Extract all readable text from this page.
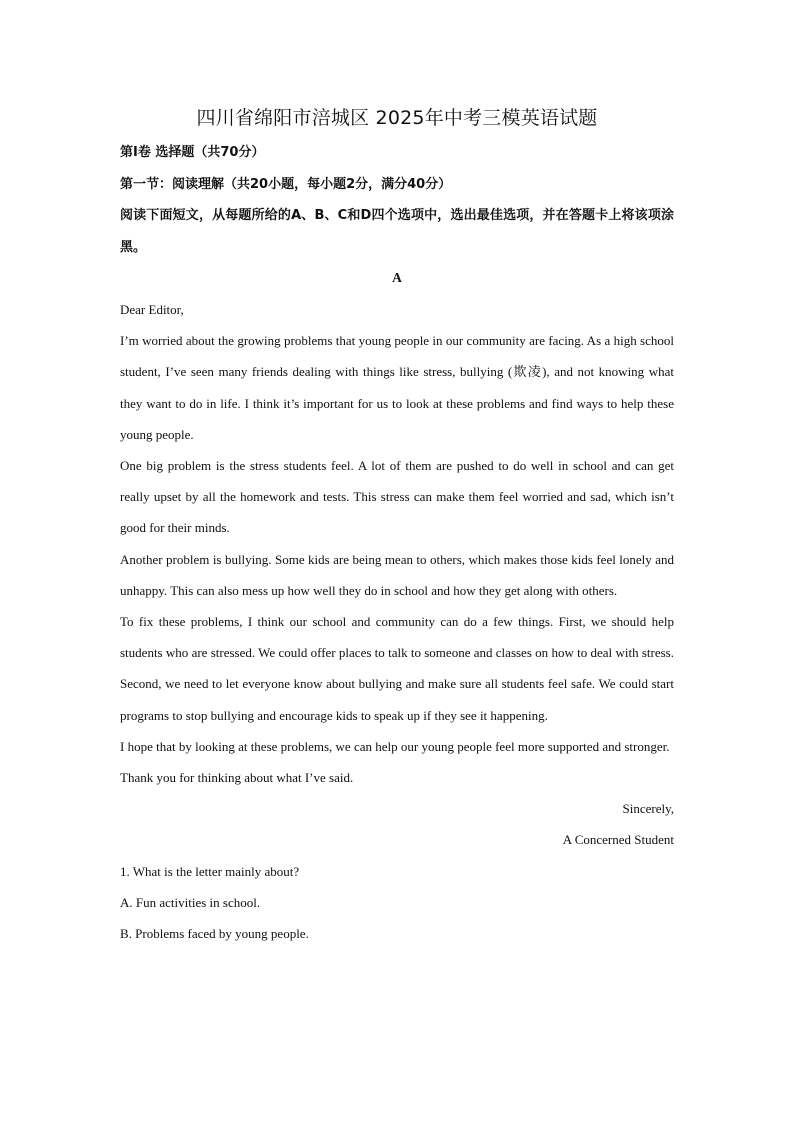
四川省绵阳市涪城区 2025年中考三模英语试题
第Ⅰ卷 选择题（共70分）
第一节：阅读理解（共20小题，每小题2分，满分40分）
阅读下面短文，从每题所给的A、B、C和D四个选项中，选出最佳选项，并在答题卡上将该项涂黑。
A

Dear Editor,

I’m worried about the growing problems that young people in our community are facing. As a high school student, I’ve seen many friends dealing with things like stress, bullying (欺凌), and not knowing what they want to do in life. I think it’s important for us to look at these problems and find ways to help these young people.

One big problem is the stress students feel. A lot of them are pushed to do well in school and can get really upset by all the homework and tests. This stress can make them feel worried and sad, which isn’t good for their minds.

Another problem is bullying. Some kids are being mean to others, which makes those kids feel lonely and unhappy. This can also mess up how well they do in school and how they get along with others.

To fix these problems, I think our school and community can do a few things. First, we should help students who are stressed. We could offer places to talk to someone and classes on how to deal with stress. Second, we need to let everyone know about bullying and make sure all students feel safe. We could start programs to stop bullying and encourage kids to speak up if they see it happening.

I hope that by looking at these problems, we can help our young people feel more supported and stronger.

Thank you for thinking about what I’ve said.

Sincerely,

A Concerned Student

1. What is the letter mainly about?

A. Fun activities in school.

B. Problems faced by young people.
